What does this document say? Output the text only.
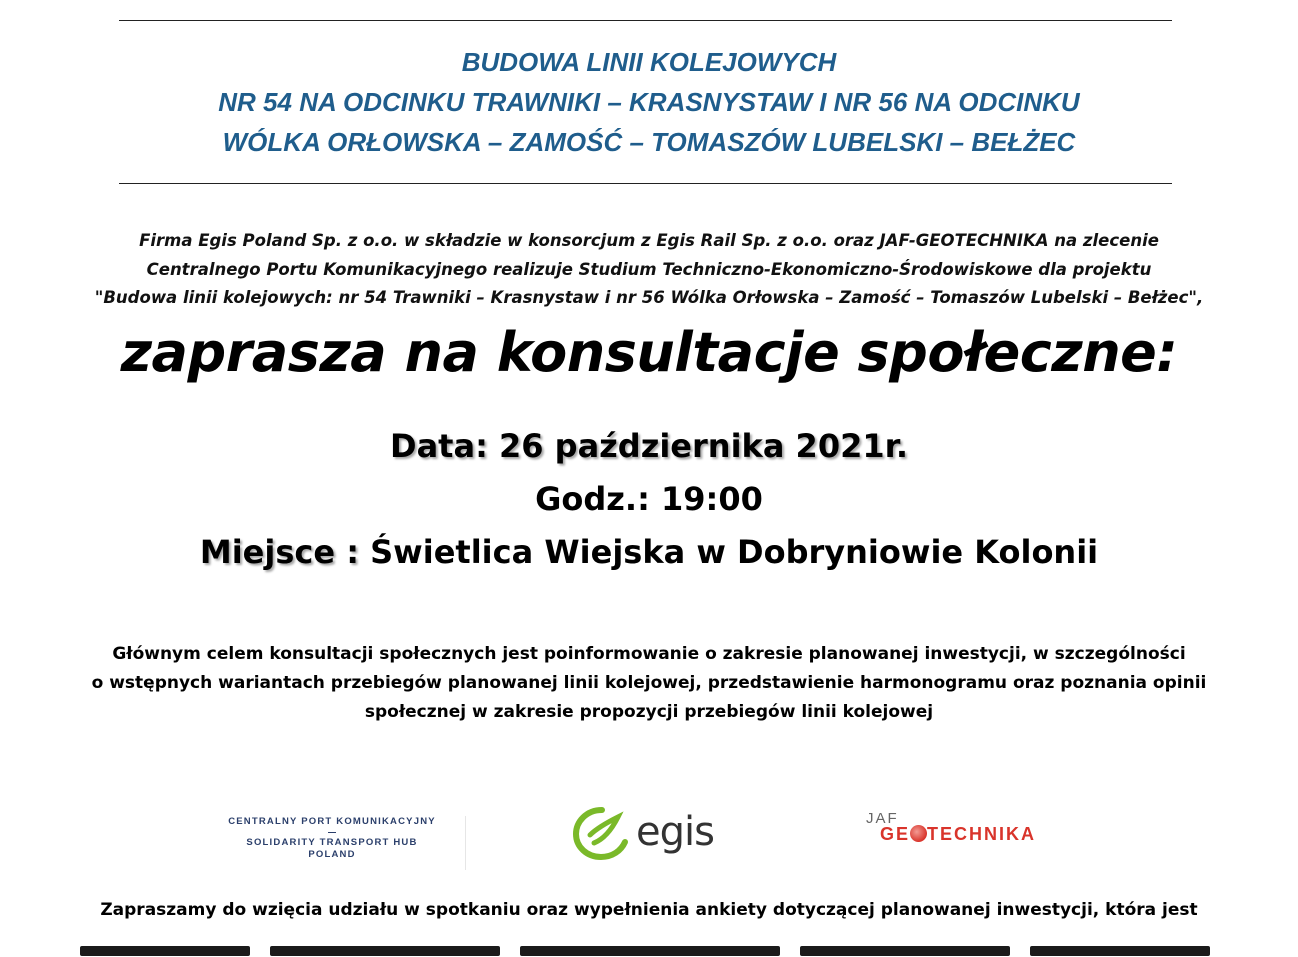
BUDOWA LINII KOLEJOWYCH
NR 54 NA ODCINKU TRAWNIKI – KRASNYSTAW I NR 56 NA ODCINKU
WÓLKA ORŁOWSKA – ZAMOŚĆ – TOMASZÓW LUBELSKI – BEŁŻEC
Firma Egis Poland Sp. z o.o. w składzie w konsorcjum z Egis Rail Sp. z o.o. oraz JAF-GEOTECHNIKA na zlecenie
Centralnego Portu Komunikacyjnego realizuje Studium Techniczno-Ekonomiczno-Środowiskowe dla projektu
"Budowa linii kolejowych: nr 54 Trawniki – Krasnystaw i nr 56 Wólka Orłowska – Zamość – Tomaszów Lubelski – Bełżec",
zaprasza na konsultacje społeczne:
Data: 26 października 2021r.
Godz.: 19:00
Miejsce : Świetlica Wiejska w Dobryniowie Kolonii
Głównym celem konsultacji społecznych jest poinformowanie o zakresie planowanej inwestycji, w szczególności
o wstępnych wariantach przebiegów planowanej linii kolejowej, przedstawienie harmonogramu oraz poznania opinii
społecznej w zakresie propozycji przebiegów linii kolejowej
CENTRALNY PORT KOMUNIKACYJNY
SOLIDARITY TRANSPORT HUB
POLAND	egis	JAF
GE TECHNIKA
Zapraszamy do wzięcia udziału w spotkaniu oraz wypełnienia ankiety dotyczącej planowanej inwestycji, która jest
